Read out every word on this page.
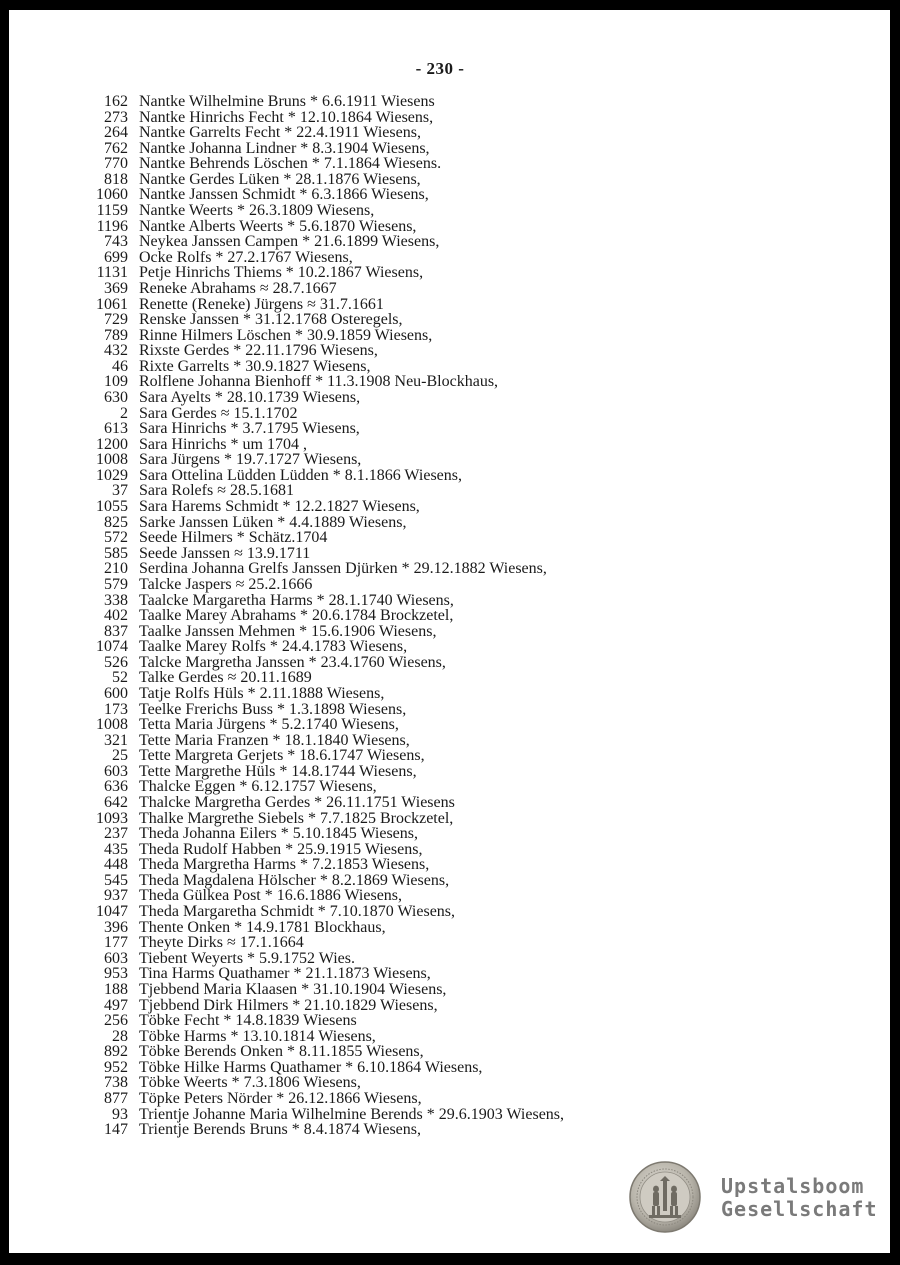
- 230 -
162 Nantke Wilhelmine Bruns * 6.6.1911 Wiesens
273 Nantke Hinrichs Fecht * 12.10.1864 Wiesens,
264 Nantke Garrelts Fecht * 22.4.1911 Wiesens,
762 Nantke Johanna Lindner * 8.3.1904 Wiesens,
770 Nantke Behrends Löschen * 7.1.1864 Wiesens.
818 Nantke Gerdes Lüken * 28.1.1876 Wiesens,
1060 Nantke Janssen Schmidt * 6.3.1866 Wiesens,
1159 Nantke Weerts * 26.3.1809 Wiesens,
1196 Nantke Alberts Weerts * 5.6.1870 Wiesens,
743 Neykea Janssen Campen * 21.6.1899 Wiesens,
699 Ocke Rolfs * 27.2.1767 Wiesens,
1131 Petje Hinrichs Thiems * 10.2.1867 Wiesens,
369 Reneke Abrahams ≈ 28.7.1667
1061 Renette (Reneke) Jürgens ≈ 31.7.1661
729 Renske Janssen * 31.12.1768 Osteregels,
789 Rinne Hilmers Löschen * 30.9.1859 Wiesens,
432 Rixste Gerdes * 22.11.1796 Wiesens,
46 Rixte Garrelts * 30.9.1827 Wiesens,
109 Rolflene Johanna Bienhoff * 11.3.1908 Neu-Blockhaus,
630 Sara Ayelts * 28.10.1739 Wiesens,
2 Sara Gerdes ≈ 15.1.1702
613 Sara Hinrichs * 3.7.1795 Wiesens,
1200 Sara Hinrichs * um 1704 ,
1008 Sara Jürgens * 19.7.1727 Wiesens,
1029 Sara Ottelina Lüdden Lüdden * 8.1.1866 Wiesens,
37 Sara Rolefs ≈ 28.5.1681
1055 Sara Harems Schmidt * 12.2.1827 Wiesens,
825 Sarke Janssen Lüken * 4.4.1889 Wiesens,
572 Seede Hilmers * Schätz.1704
585 Seede Janssen ≈ 13.9.1711
210 Serdina Johanna Grelfs Janssen Djürken * 29.12.1882 Wiesens,
579 Talcke Jaspers ≈ 25.2.1666
338 Taalcke Margaretha Harms * 28.1.1740 Wiesens,
402 Taalke Marey Abrahams * 20.6.1784 Brockzetel,
837 Taalke Janssen Mehmen * 15.6.1906 Wiesens,
1074 Taalke Marey Rolfs * 24.4.1783 Wiesens,
526 Talcke Margretha Janssen * 23.4.1760 Wiesens,
52 Talke Gerdes ≈ 20.11.1689
600 Tatje Rolfs Hüls * 2.11.1888 Wiesens,
173 Teelke Frerichs Buss * 1.3.1898 Wiesens,
1008 Tetta Maria Jürgens * 5.2.1740 Wiesens,
321 Tette Maria Franzen * 18.1.1840 Wiesens,
25 Tette Margreta Gerjets * 18.6.1747 Wiesens,
603 Tette Margrethe Hüls * 14.8.1744 Wiesens,
636 Thalcke Eggen * 6.12.1757 Wiesens,
642 Thalcke Margretha Gerdes * 26.11.1751 Wiesens
1093 Thalke Margrethe Siebels * 7.7.1825 Brockzetel,
237 Theda Johanna Eilers * 5.10.1845 Wiesens,
435 Theda Rudolf Habben * 25.9.1915 Wiesens,
448 Theda Margretha Harms * 7.2.1853 Wiesens,
545 Theda Magdalena Hölscher * 8.2.1869 Wiesens,
937 Theda Gülkea Post * 16.6.1886 Wiesens,
1047 Theda Margaretha Schmidt * 7.10.1870 Wiesens,
396 Thente Onken * 14.9.1781 Blockhaus,
177 Theyte Dirks ≈ 17.1.1664
603 Tiebent Weyerts * 5.9.1752 Wies.
953 Tina Harms Quathamer * 21.1.1873 Wiesens,
188 Tjebbend Maria Klaasen * 31.10.1904 Wiesens,
497 Tjebbend Dirk Hilmers * 21.10.1829 Wiesens,
256 Töbke Fecht * 14.8.1839 Wiesens
28 Töbke Harms * 13.10.1814 Wiesens,
892 Töbke Berends Onken * 8.11.1855 Wiesens,
952 Töbke Hilke Harms Quathamer * 6.10.1864 Wiesens,
738 Töbke Weerts * 7.3.1806 Wiesens,
877 Töpke Peters Nörder * 26.12.1866 Wiesens,
93 Trientje Johanne Maria Wilhelmine Berends * 29.6.1903 Wiesens,
147 Trientje Berends Bruns * 8.4.1874 Wiesens,
Upstalsboom
Gesellschaft
